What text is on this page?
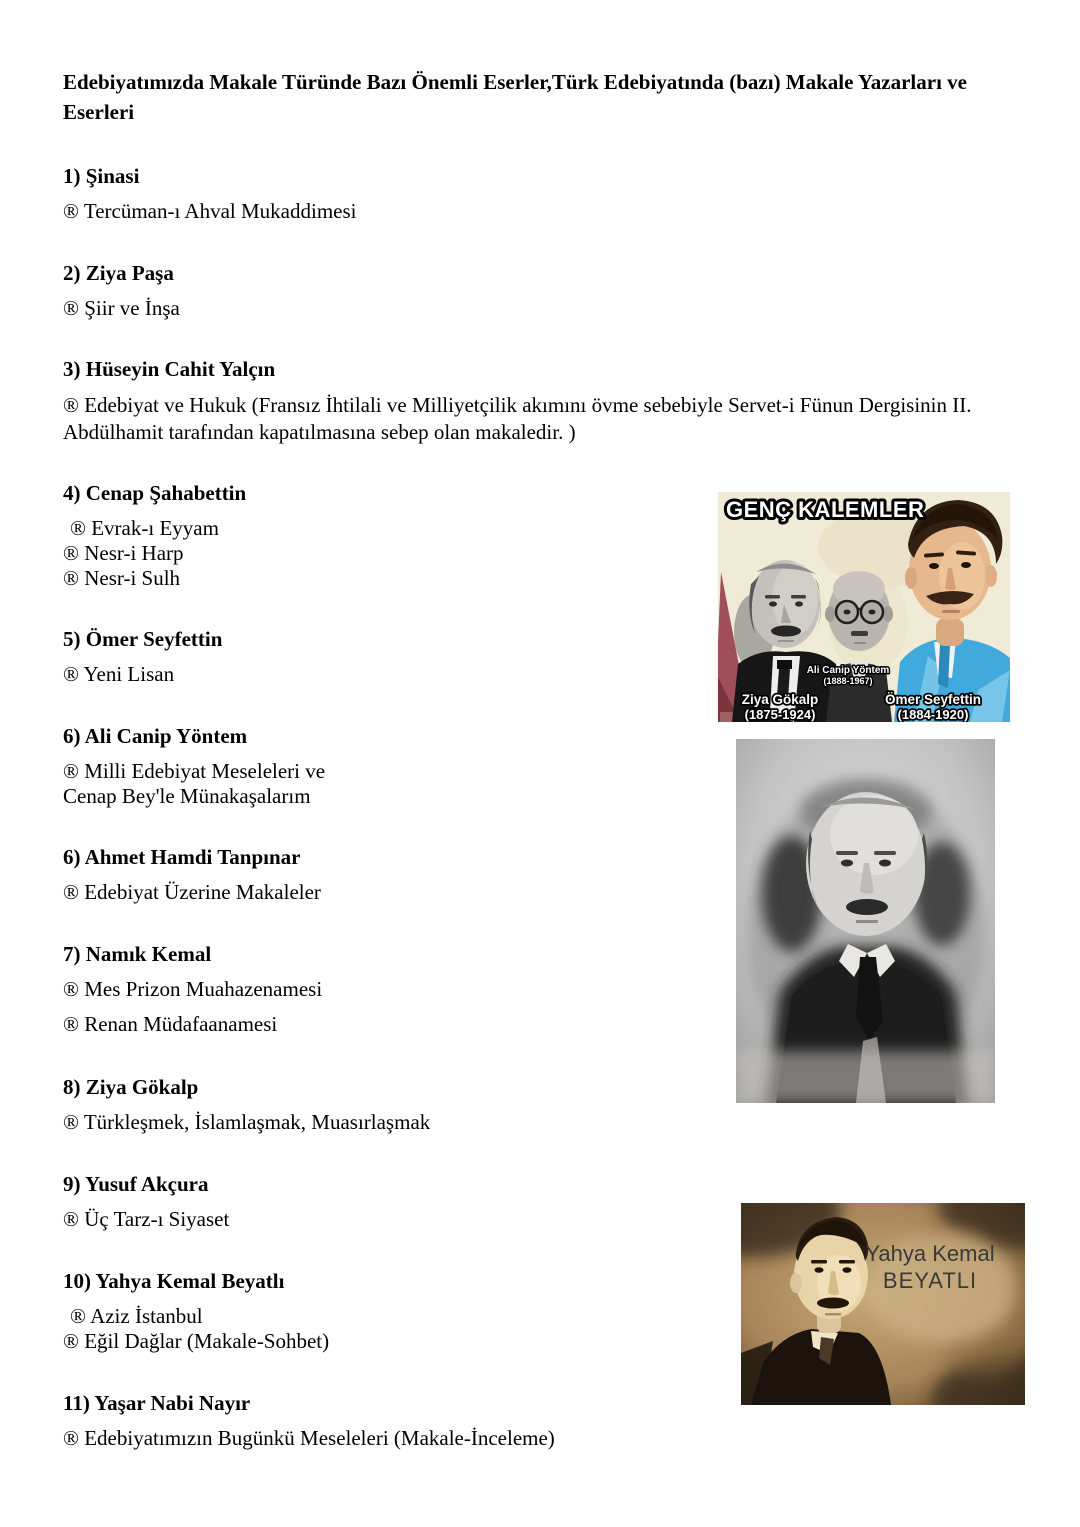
Edebiyatımızda Makale Türünde Bazı Önemli Eserler,Türk Edebiyatında (bazı) Makale Yazarları ve
Eserleri

1) Şinasi

® Tercüman-ı Ahval Mukaddimesi

2) Ziya Paşa

® Şiir ve İnşa

3) Hüseyin Cahit Yalçın

® Edebiyat ve Hukuk (Fransız İhtilali ve Milliyetçilik akımını övme sebebiyle Servet-i Fünun Dergisinin II.

Abdülhamit tarafından kapatılmasına sebep olan makaledir. )

4) Cenap Şahabettin

® Evrak-ı Eyyam

® Nesr-i Harp

® Nesr-i Sulh

5) Ömer Seyfettin

® Yeni Lisan

6) Ali Canip Yöntem

® Milli Edebiyat Meseleleri ve

Cenap Bey'le Münakaşalarım

6) Ahmet Hamdi Tanpınar

® Edebiyat Üzerine Makaleler

7) Namık Kemal

® Mes Prizon Muahazenamesi

® Renan Müdafaanamesi

8) Ziya Gökalp

® Türkleşmek, İslamlaşmak, Muasırlaşmak

9) Yusuf Akçura

® Üç Tarz-ı Siyaset

10) Yahya Kemal Beyatlı

® Aziz İstanbul

® Eğil Dağlar (Makale-Sohbet)

11) Yaşar Nabi Nayır

® Edebiyatımızın Bugünkü Meseleleri (Makale-İnceleme)

GENÇ KALEMLER
Ali Canip Yöntem
(1888-1967)
Ziya Gökalp
(1875-1924)
Ömer Seyfettin
(1884-1920)
Yahya Kemal
BEYATLI
